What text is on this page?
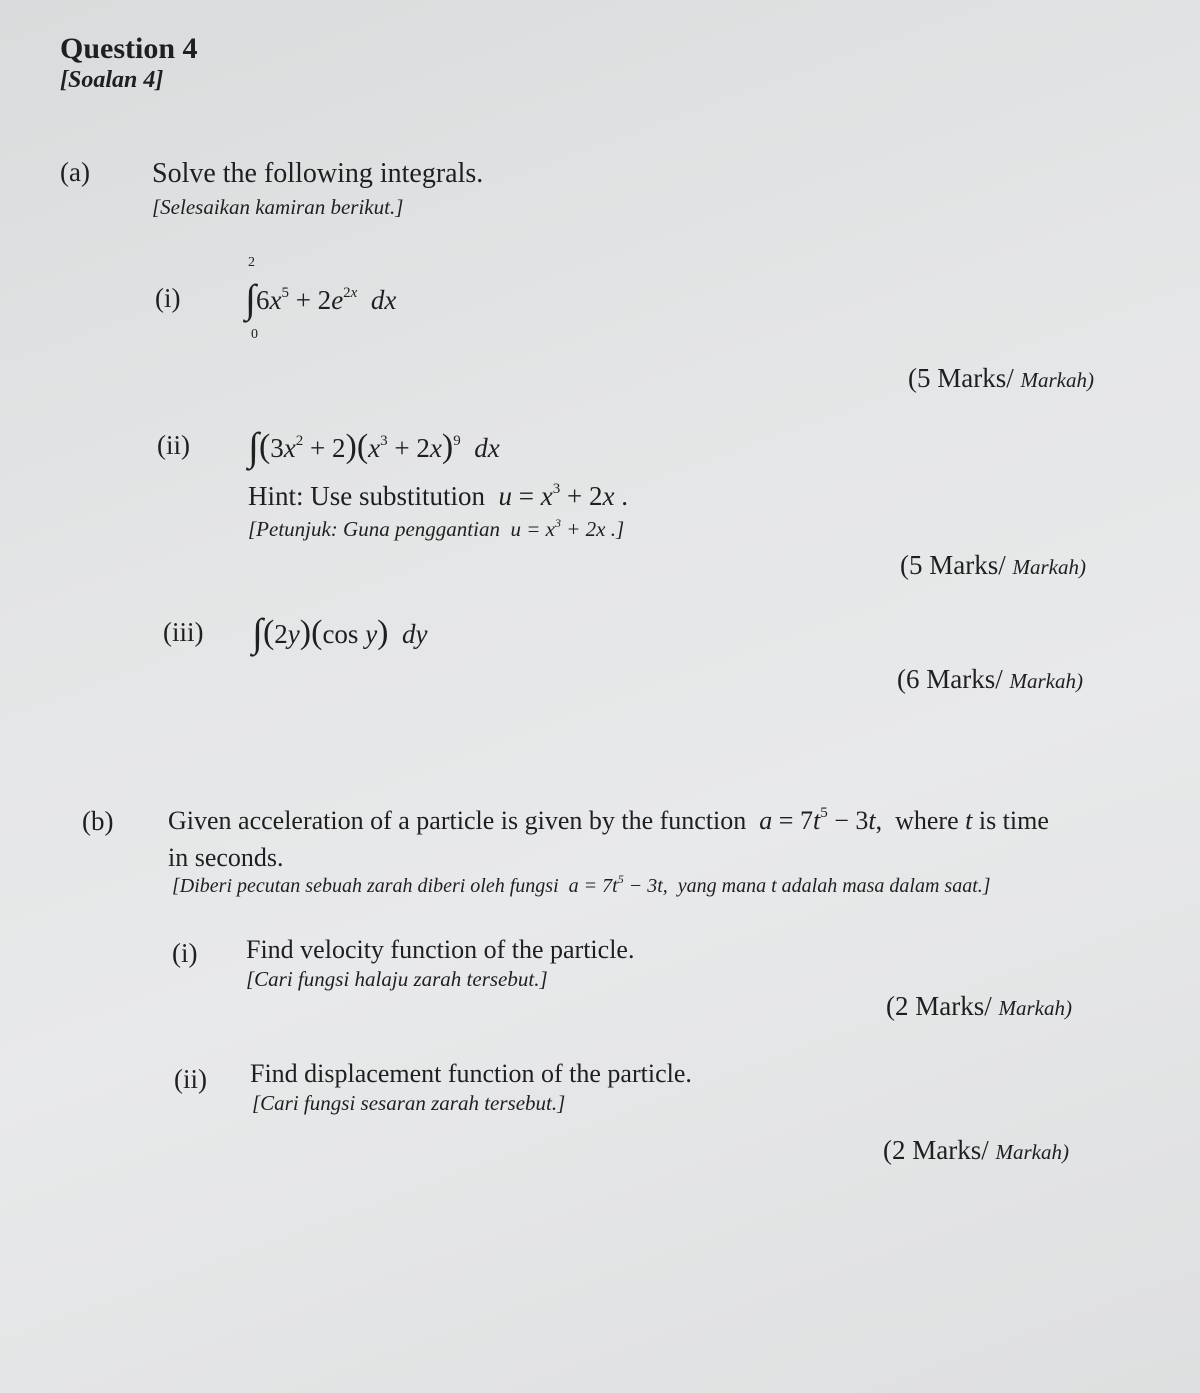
Question 4
[Soalan 4]
(a) Solve the following integrals.
[Selesaikan kamiran berikut.]
(i)
2
0
$\int 6x^5 + 2e^{2x}$ dx
(5 Marks/ Markah)
(ii) $\int(3x^2 + 2)(x^3 + 2x)^9$ dx
Hint: Use substitution $u = x^3 + 2x$ .
[Petunjuk: Guna penggantian $u = x^3 + 2x$ .]
(5 Marks/ Markah)
(iii) ∫(2y)(cos y) dy
(6 Marks/ Markah)
(b) Given acceleration of a particle is given by the function $a = 7t^5 - 3t$,  where t is time
in seconds.
[Diberi pecutan sebuah zarah diberi oleh fungsi $a = 7t^5 - 3t$,  yang mana t adalah masa dalam saat.]
(i) Find velocity function of the particle.
[Cari fungsi halaju zarah tersebut.]
(2 Marks/ Markah)
(ii) Find displacement function of the particle.
[Cari fungsi sesaran zarah tersebut.]
(2 Marks/ Markah)
